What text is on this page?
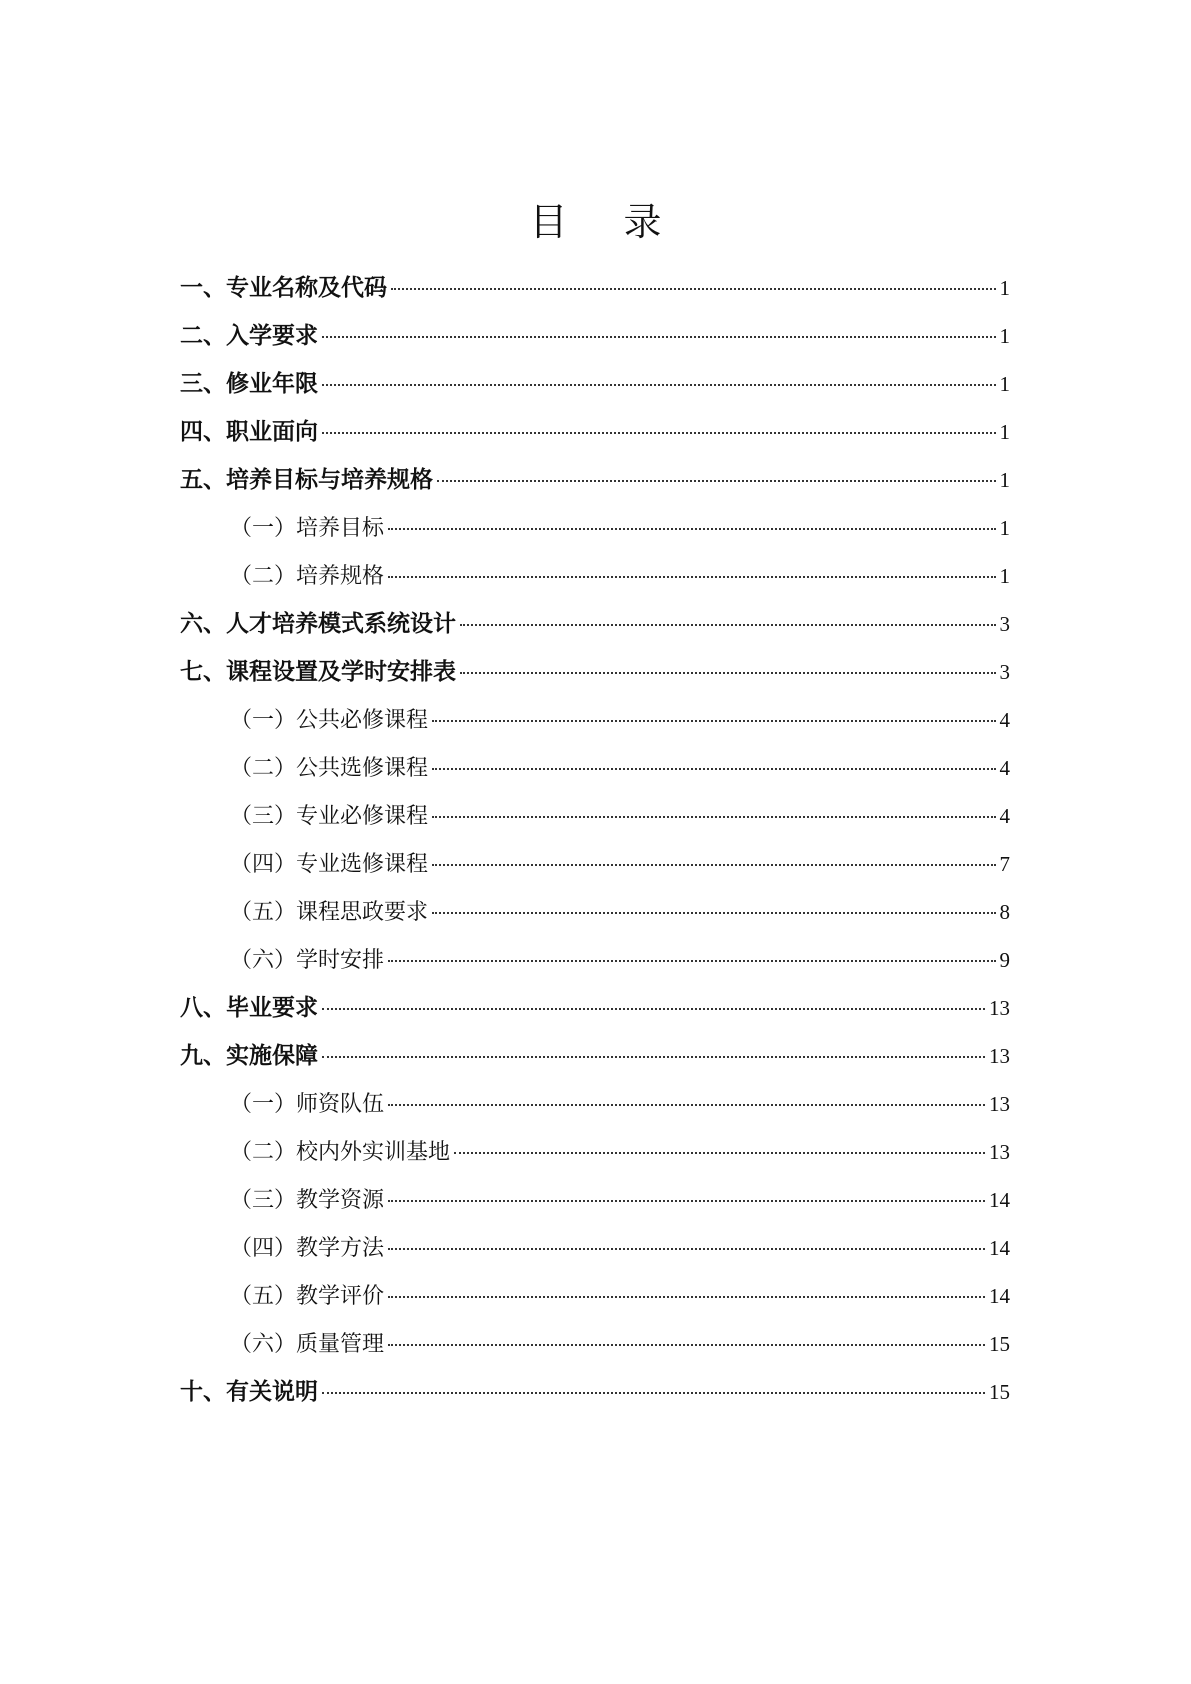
目 录
一、专业名称及代码	1
二、入学要求	1
三、修业年限	1
四、职业面向	1
五、培养目标与培养规格	1
（一）培养目标	1
（二）培养规格	1
六、人才培养模式系统设计	3
七、课程设置及学时安排表	3
（一）公共必修课程	4
（二）公共选修课程	4
（三）专业必修课程	4
（四）专业选修课程	7
（五）课程思政要求	8
（六）学时安排	9
八、毕业要求	13
九、实施保障	13
（一）师资队伍	13
（二）校内外实训基地	13
（三）教学资源	14
（四）教学方法	14
（五）教学评价	14
（六）质量管理	15
十、有关说明	15
